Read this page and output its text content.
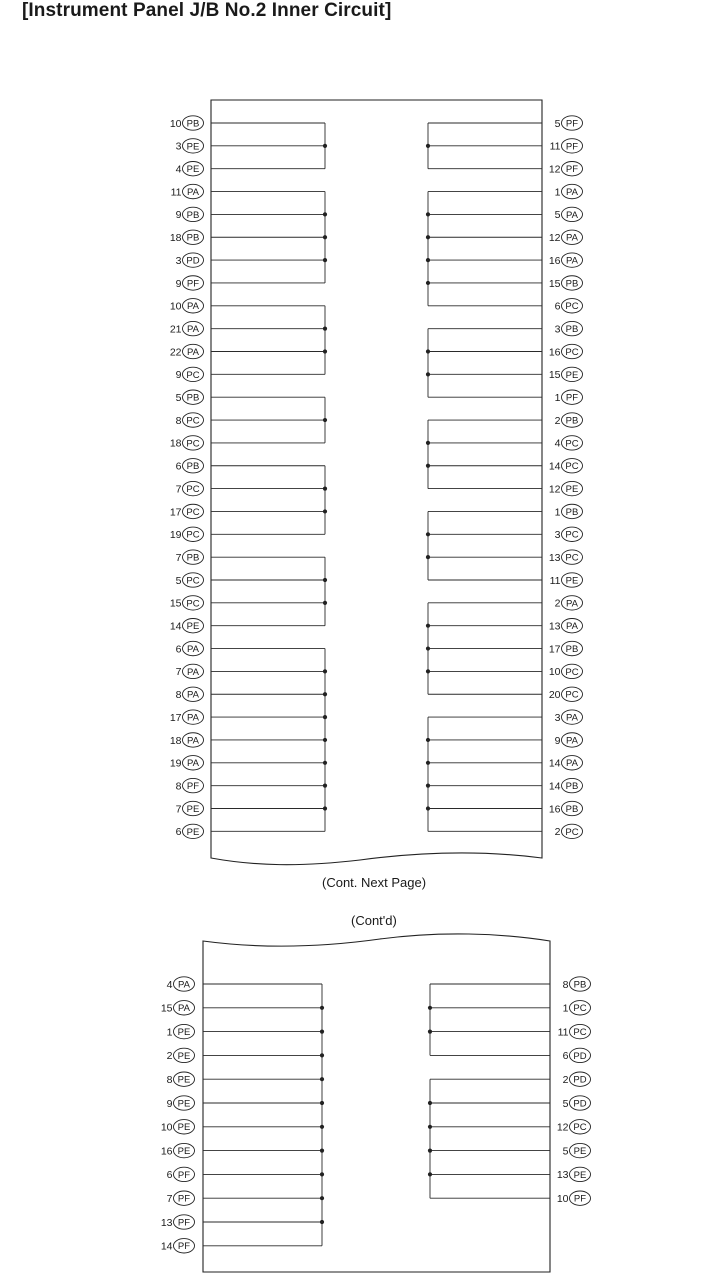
[Instrument Panel J/B No.2 Inner Circuit]
PB
10
PE
3
PE
4
PA
11
PB
9
PB
18
PD
3
PF
9
PA
10
PA
21
PA
22
PC
9
PB
5
PC
8
PC
18
PB
6
PC
7
PC
17
PC
19
PB
7
PC
5
PC
15
PE
14
PA
6
PA
7
PA
8
PA
17
PA
18
PA
19
PF
8
PE
7
PE
6
PF
5
PF
11
PF
12
PA
1
PA
5
PA
12
PA
16
PB
15
PC
6
PB
3
PC
16
PE
15
PF
1
PB
2
PC
4
PC
14
PE
12
PB
1
PC
3
PC
13
PE
11
PA
2
PA
13
PB
17
PC
10
PC
20
PA
3
PA
9
PA
14
PB
14
PB
16
PC
2
PA
4
PA
15
PE
1
PE
2
PE
8
PE
9
PE
10
PE
16
PF
6
PF
7
PF
13
PF
14
PB
8
PC
1
PC
11
PD
6
PD
2
PD
5
PC
12
PE
5
PE
13
PF
10
(Cont. Next Page)
(Cont'd)
